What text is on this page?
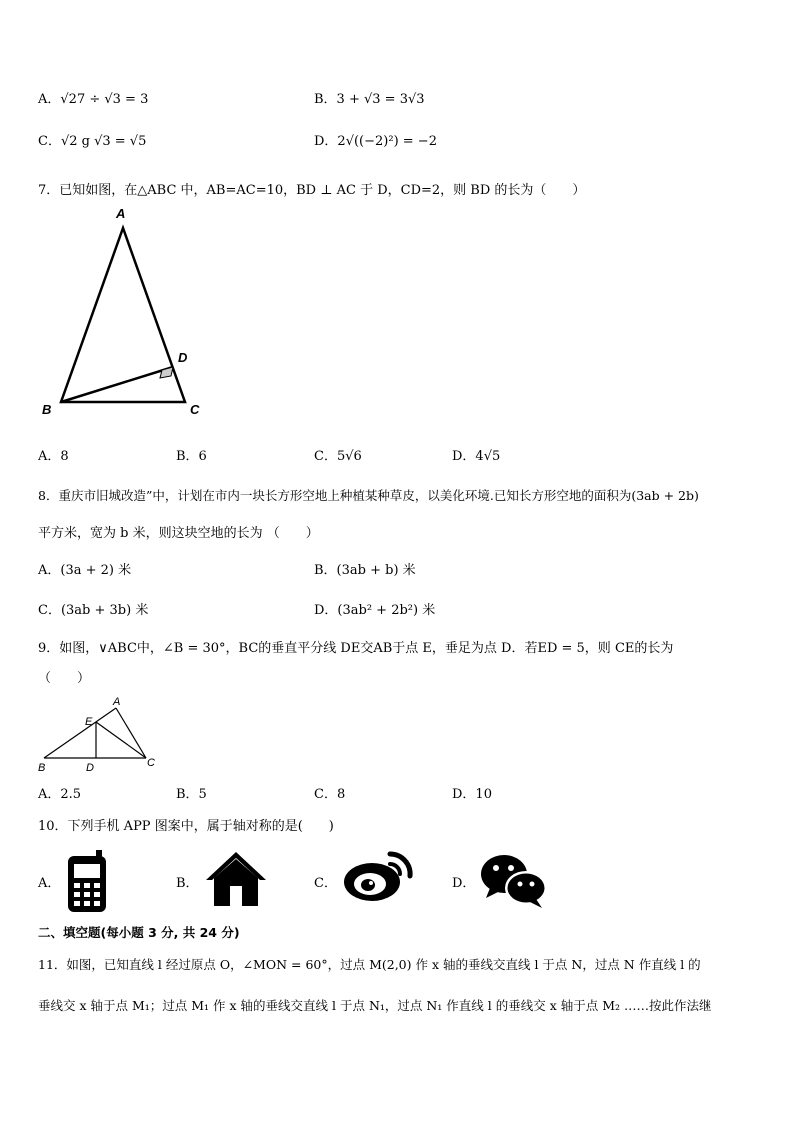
A．√27 ÷ √3 = 3	B．3 + √3 = 3√3
C．√2 g √3 = √5	D．2√((−2)²) = −2
7．已知如图，在△ABC 中，AB=AC=10，BD ⊥ AC 于 D，CD=2，则 BD 的长为（　　）
A
D
B	C
A．8	B．6	C．5√6	D．4√5
8．重庆市旧城改造”中，计划在市内一块长方形空地上种植某种草皮，以美化环境.已知长方形空地的面积为(3ab + 2b)
平方米，宽为 b 米，则这块空地的长为 （　　）
A．(3a + 2) 米	B．(3ab + b) 米
C．(3ab + 3b) 米	D．(3ab² + 2b²) 米
9．如图，∨ABC中，∠B = 30°，BC的垂直平分线 DE交AB于点 E，垂足为点 D．若ED = 5，则 CE的长为
（　　）
A
E
B	D	C
A．2.5	B．5	C．8	D．10
10．下列手机 APP 图案中，属于轴对称的是(　　)
A．	B．	C．	D．
二、填空题(每小题 3 分, 共 24 分)
11．如图，已知直线 l 经过原点 O，∠MON = 60°，过点 M(2,0) 作 x 轴的垂线交直线 l 于点 N，过点 N 作直线 l 的
垂线交 x 轴于点 M₁；过点 M₁ 作 x 轴的垂线交直线 l 于点 N₁，过点 N₁ 作直线 l 的垂线交 x 轴于点 M₂ ……按此作法继
